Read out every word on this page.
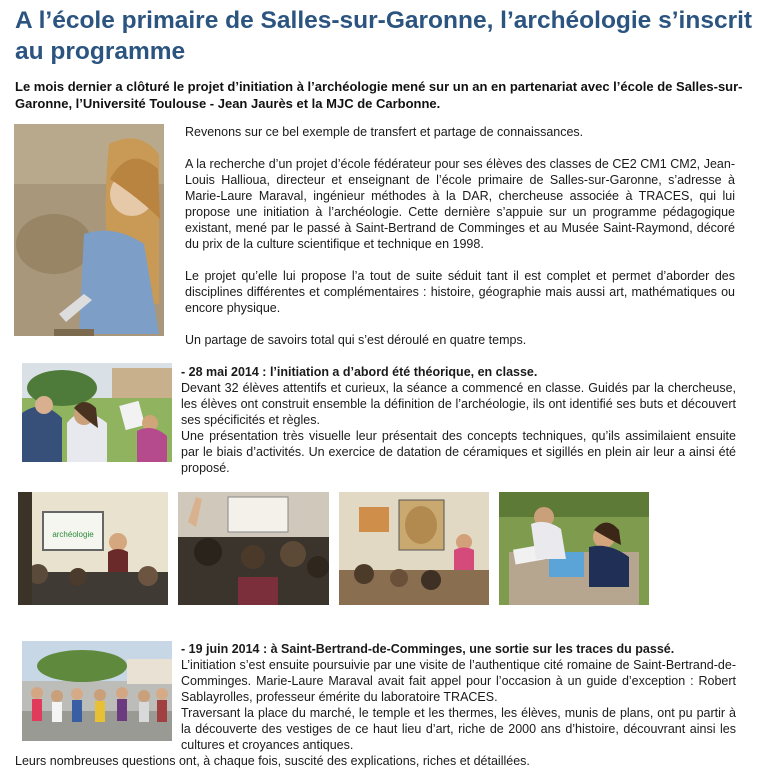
A l’école primaire de Salles-sur-Garonne, l’archéologie s’inscrit au programme

Le mois dernier a clôturé le projet d’initiation à l’archéologie mené sur un an en partenariat avec l’école de Salles-sur-Garonne, l’Université Toulouse - Jean Jaurès et la MJC de Carbonne.

Revenons sur ce bel exemple de transfert et partage de connaissances.

A la recherche d’un projet d’école fédérateur pour ses élèves des classes de CE2 CM1 CM2, Jean-Louis Hallioua, directeur et enseignant de l’école primaire de Salles-sur-Garonne, s’adresse à Marie-Laure Maraval, ingénieur méthodes à la DAR, chercheuse associée à TRACES, qui lui propose une initiation à l’archéologie. Cette dernière s’appuie sur un programme pédagogique existant, mené par le passé à Saint-Bertrand de Comminges et au Musée Saint-Raymond, décoré du prix de la culture scientifique et technique en 1998.

Le projet qu’elle lui propose l’a tout de suite séduit tant il est complet et permet d’aborder des disciplines différentes et complémentaires : histoire, géographie mais aussi art, mathématiques ou encore physique.

Un partage de savoirs total qui s’est déroulé en quatre temps.

- 28 mai 2014 : l’initiation a d’abord été théorique, en classe.

Devant 32 élèves attentifs et curieux, la séance a commencé en classe. Guidés par la chercheuse, les élèves ont construit ensemble la définition de l’archéologie, ils ont identifié ses buts et découvert ses spécificités et règles.

Une présentation très visuelle leur présentait des concepts techniques, qu’ils assimilaient ensuite par le biais d’activités. Un exercice de datation de céramiques et sigillés en plein air leur a ainsi été proposé.

archéologie

- 19 juin 2014 : à Saint-Bertrand-de-Comminges, une sortie sur les traces du passé.

L’initiation s’est ensuite poursuivie par une visite de l’authentique cité romaine de Saint-Bertrand-de-Comminges. Marie-Laure Maraval avait fait appel pour l’occasion à un guide d’exception : Robert Sablayrolles, professeur émérite du laboratoire TRACES.

Traversant la place du marché, le temple et les thermes, les élèves, munis de plans, ont pu partir à la découverte des vestiges de ce haut lieu d’art, riche de 2000 ans d’histoire, découvrant ainsi les cultures et croyances antiques.

Leurs nombreuses questions ont, à chaque fois, suscité des explications, riches et détaillées.
